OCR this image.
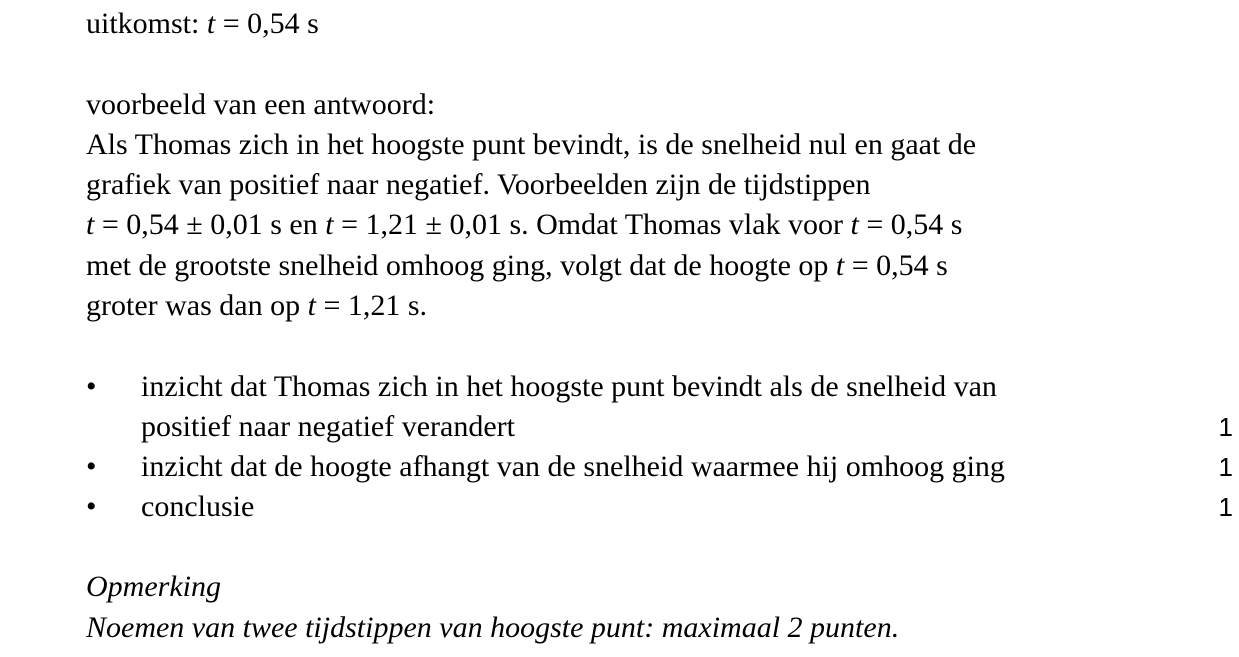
uitkomst: t = 0,54 s
voorbeeld van een antwoord:
Als Thomas zich in het hoogste punt bevindt, is de snelheid nul en gaat de
grafiek van positief naar negatief. Voorbeelden zijn de tijdstippen
t = 0,54 ± 0,01 s en t = 1,21 ± 0,01 s. Omdat Thomas vlak voor t = 0,54 s
met de grootste snelheid omhoog ging, volgt dat de hoogte op t = 0,54 s
groter was dan op t = 1,21 s.
• inzicht dat Thomas zich in het hoogste punt bevindt als de snelheid van
positief naar negatief verandert	1
• inzicht dat de hoogte afhangt van de snelheid waarmee hij omhoog ging	1
• conclusie	1
Opmerking
Noemen van twee tijdstippen van hoogste punt: maximaal 2 punten.
